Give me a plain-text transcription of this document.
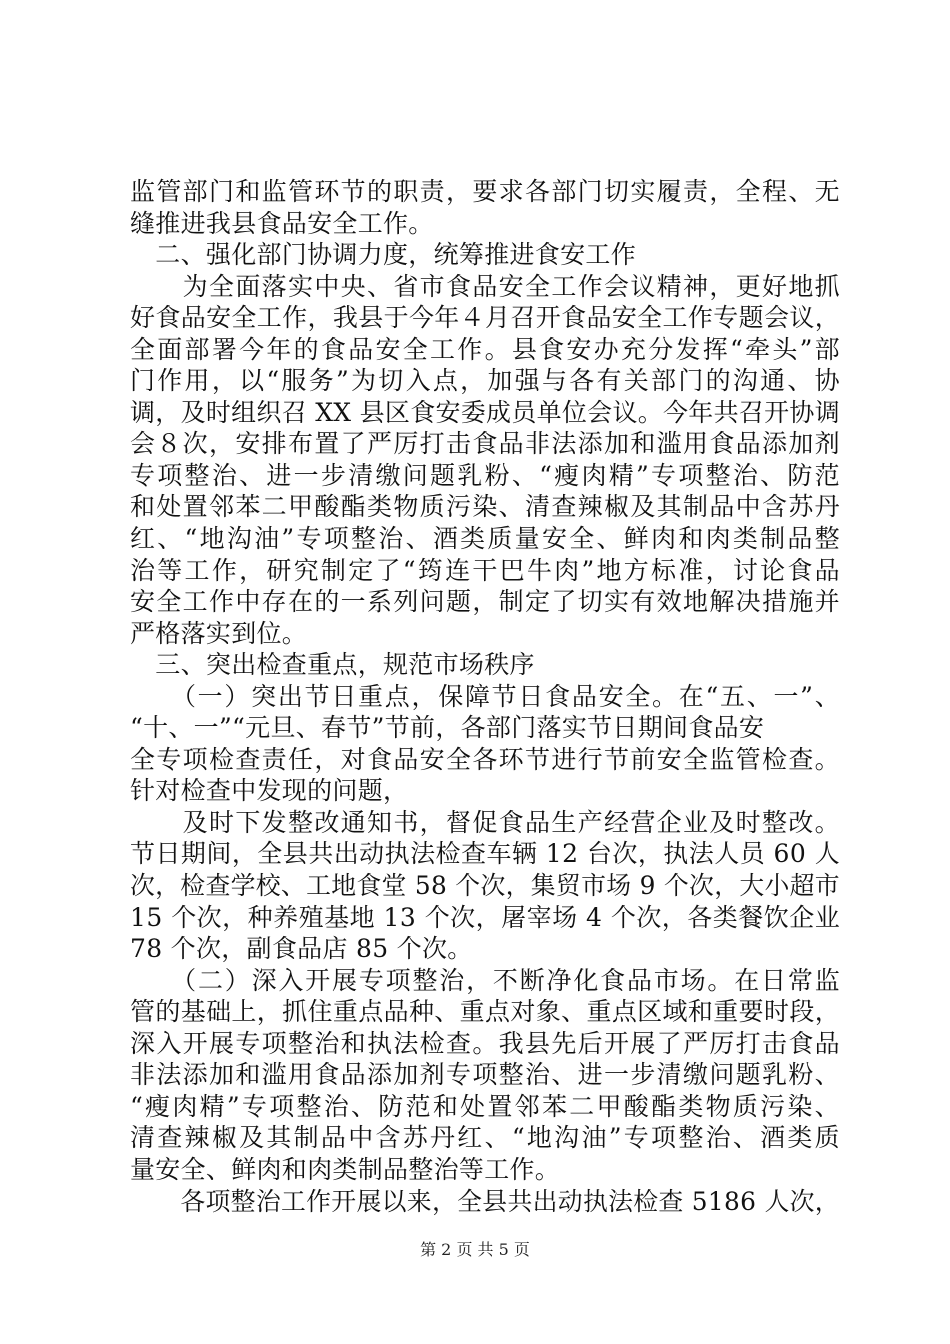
监管部门和监管环节的职责，要求各部门切实履责，全程、无
缝推进我县食品安全工作。
　二、强化部门协调力度，统筹推进食安工作
　　为全面落实中央、省市食品安全工作会议精神，更好地抓
好食品安全工作，我县于今年４月召开食品安全工作专题会议，
全面部署今年的食品安全工作。县食安办充分发挥“牵头”部
门作用，以“服务”为切入点，加强与各有关部门的沟通、协
调，及时组织召 XX 县区食安委成员单位会议。今年共召开协调
会８次，安排布置了严厉打击食品非法添加和滥用食品添加剂
专项整治、进一步清缴问题乳粉、“瘦肉精”专项整治、防范
和处置邻苯二甲酸酯类物质污染、清查辣椒及其制品中含苏丹
红、“地沟油”专项整治、酒类质量安全、鲜肉和肉类制品整
治等工作，研究制定了“筠连干巴牛肉”地方标准，讨论食品
安全工作中存在的一系列问题，制定了切实有效地解决措施并
严格落实到位。
　三、突出检查重点，规范市场秩序
　　（一）突出节日重点，保障节日食品安全。在“五、一”、
“十、一”“元旦、春节”节前，各部门落实节日期间食品安
全专项检查责任，对食品安全各环节进行节前安全监管检查。
针对检查中发现的问题，
　　及时下发整改通知书，督促食品生产经营企业及时整改。
节日期间，全县共出动执法检查车辆 12 台次，执法人员 60 人
次，检查学校、工地食堂 58 个次，集贸市场 9 个次，大小超市
15 个次，种养殖基地 13 个次，屠宰场 4 个次，各类餐饮企业
78 个次，副食品店 85 个次。
　　（二）深入开展专项整治，不断净化食品市场。在日常监
管的基础上，抓住重点品种、重点对象、重点区域和重要时段，
深入开展专项整治和执法检查。我县先后开展了严厉打击食品
非法添加和滥用食品添加剂专项整治、进一步清缴问题乳粉、
“瘦肉精”专项整治、防范和处置邻苯二甲酸酯类物质污染、
清查辣椒及其制品中含苏丹红、“地沟油”专项整治、酒类质
量安全、鲜肉和肉类制品整治等工作。
　　各项整治工作开展以来，全县共出动执法检查 5186 人次，
第 2 页 共 5 页
